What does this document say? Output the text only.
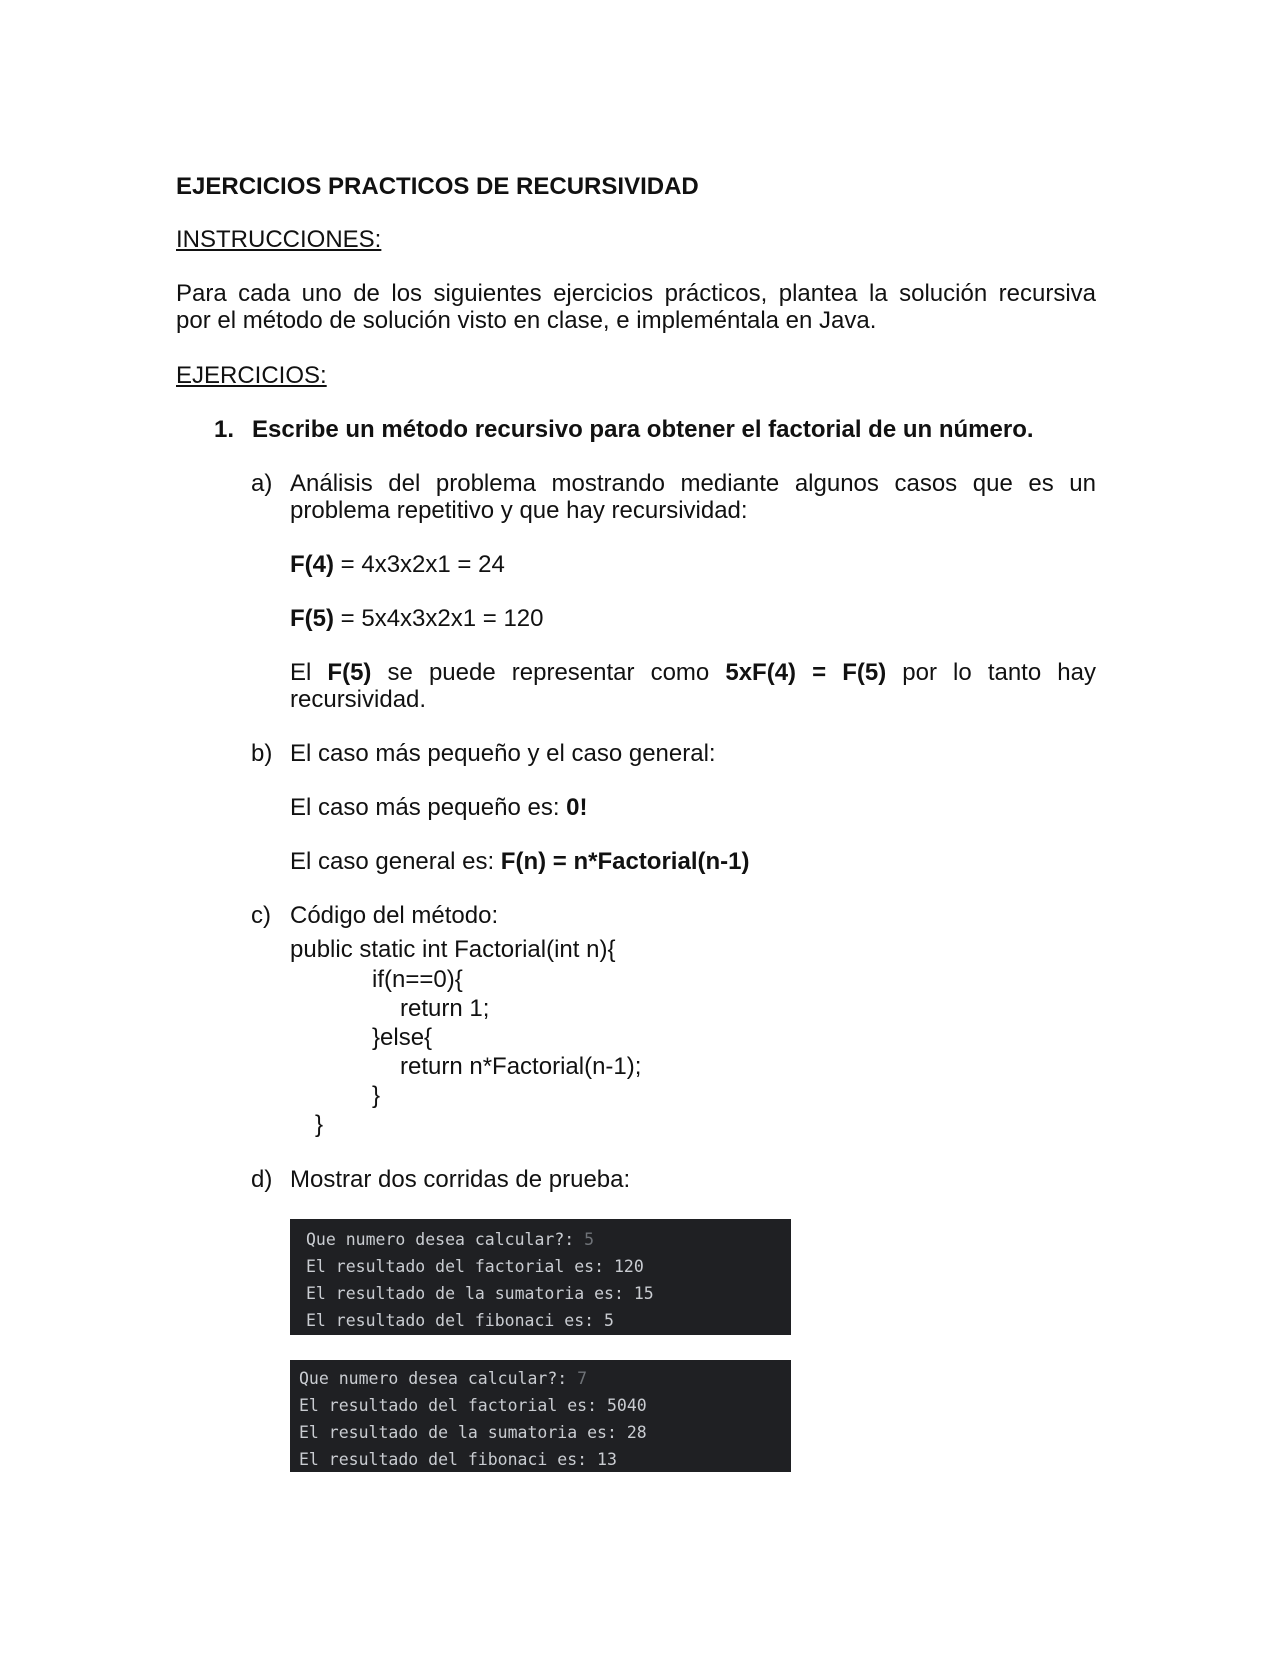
EJERCICIOS PRACTICOS DE RECURSIVIDAD
INSTRUCCIONES:
Para cada uno de los siguientes ejercicios prácticos, plantea la solución recursiva
por el método de solución visto en clase, e impleméntala en Java.
EJERCICIOS:
1. Escribe un método recursivo para obtener el factorial de un número.
a) Análisis del problema mostrando mediante algunos casos que es un
problema repetitivo y que hay recursividad:
F(4) = 4x3x2x1 = 24
F(5) = 5x4x3x2x1 = 120
El F(5) se puede representar como 5xF(4) = F(5) por lo tanto hay
recursividad.
b) El caso más pequeño y el caso general:
El caso más pequeño es: 0!
El caso general es: F(n) = n*Factorial(n-1)
c) Código del método:
public static int Factorial(int n){
if(n==0){
return 1;
}else{
return n*Factorial(n-1);
}
}
d) Mostrar dos corridas de prueba:
Que numero desea calcular?: 5
El resultado del factorial es: 120
El resultado de la sumatoria es: 15
El resultado del fibonaci es: 5
Que numero desea calcular?: 7
El resultado del factorial es: 5040
El resultado de la sumatoria es: 28
El resultado del fibonaci es: 13
